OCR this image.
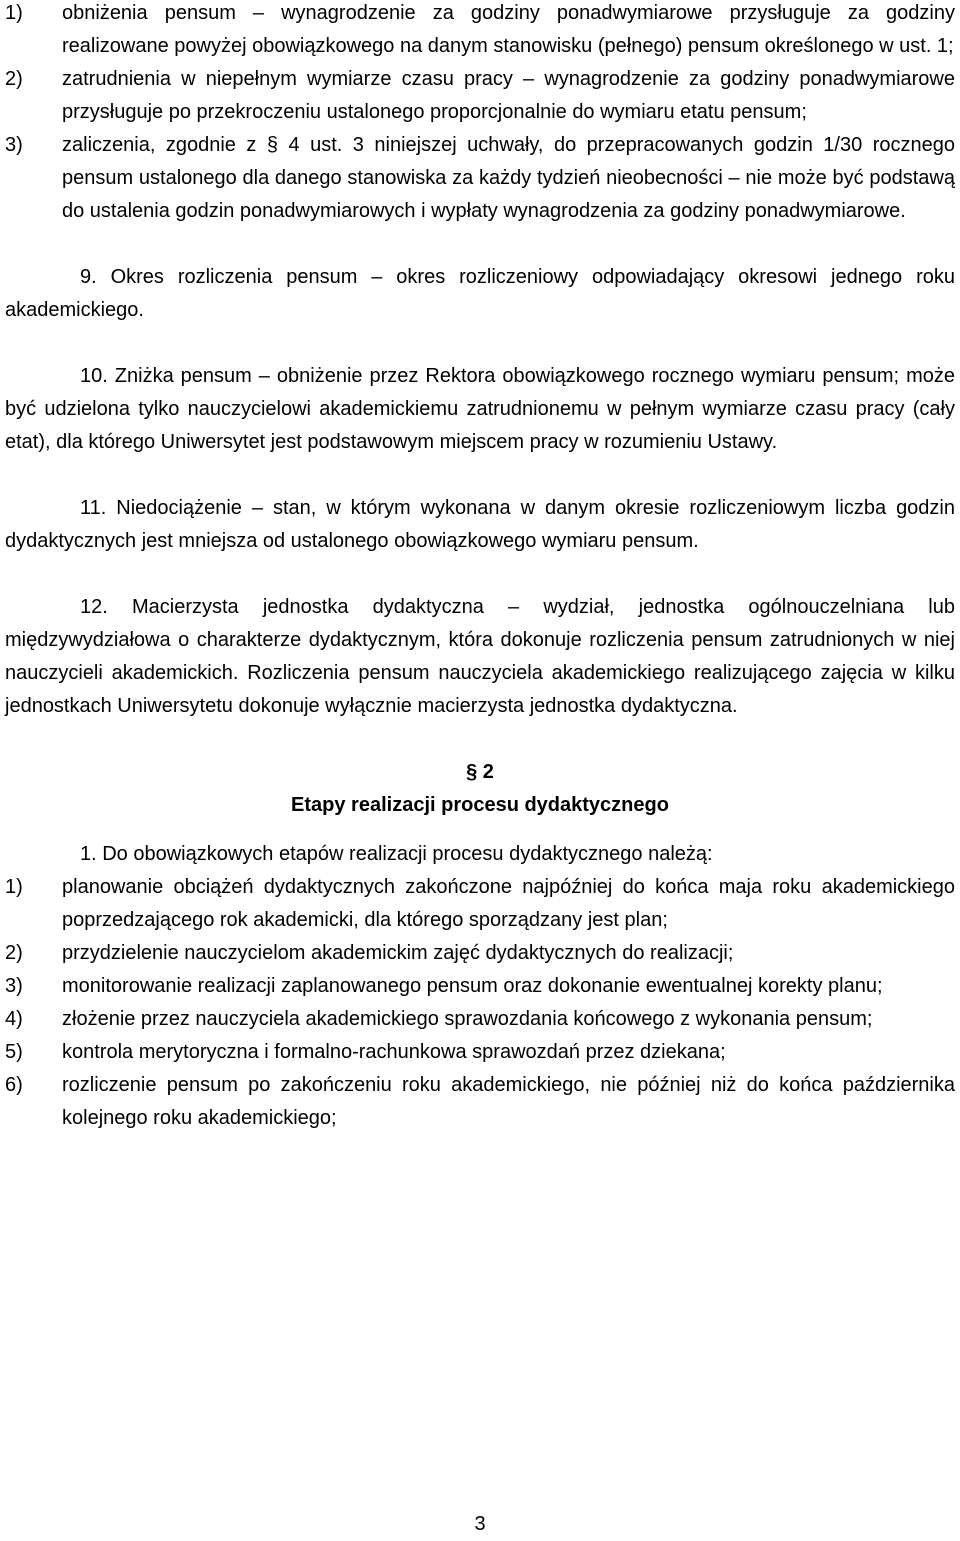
1) obniżenia pensum – wynagrodzenie za godziny ponadwymiarowe przysługuje za godziny realizowane powyżej obowiązkowego na danym stanowisku (pełnego) pensum określonego w ust. 1;
2) zatrudnienia w niepełnym wymiarze czasu pracy – wynagrodzenie za godziny ponadwymiarowe przysługuje po przekroczeniu ustalonego proporcjonalnie do wymiaru etatu pensum;
3) zaliczenia, zgodnie z § 4 ust. 3 niniejszej uchwały, do przepracowanych godzin 1/30 rocznego pensum ustalonego dla danego stanowiska za każdy tydzień nieobecności – nie może być podstawą do ustalenia godzin ponadwymiarowych i wypłaty wynagrodzenia za godziny ponadwymiarowe.
9. Okres rozliczenia pensum – okres rozliczeniowy odpowiadający okresowi jednego roku akademickiego.
10. Zniżka pensum – obniżenie przez Rektora obowiązkowego rocznego wymiaru pensum; może być udzielona tylko nauczycielowi akademickiemu zatrudnionemu w pełnym wymiarze czasu pracy (cały etat), dla którego Uniwersytet jest podstawowym miejscem pracy w rozumieniu Ustawy.
11. Niedociążenie – stan, w którym wykonana w danym okresie rozliczeniowym liczba godzin dydaktycznych jest mniejsza od ustalonego obowiązkowego wymiaru pensum.
12. Macierzysta jednostka dydaktyczna – wydział, jednostka ogólnouczelniana lub międzywydziałowa o charakterze dydaktycznym, która dokonuje rozliczenia pensum zatrudnionych w niej nauczycieli akademickich. Rozliczenia pensum nauczyciela akademickiego realizującego zajęcia w kilku jednostkach Uniwersytetu dokonuje wyłącznie macierzysta jednostka dydaktyczna.
§ 2
Etapy realizacji procesu dydaktycznego
1. Do obowiązkowych etapów realizacji procesu dydaktycznego należą:
1) planowanie obciążeń dydaktycznych zakończone najpóźniej do końca maja roku akademickiego poprzedzającego rok akademicki, dla którego sporządzany jest plan;
2) przydzielenie nauczycielom akademickim zajęć dydaktycznych do realizacji;
3) monitorowanie realizacji zaplanowanego pensum oraz dokonanie ewentualnej korekty planu;
4) złożenie przez nauczyciela akademickiego sprawozdania końcowego z wykonania pensum;
5) kontrola merytoryczna i formalno-rachunkowa sprawozdań przez dziekana;
6) rozliczenie pensum po zakończeniu roku akademickiego, nie później niż do końca października kolejnego roku akademickiego;
3
